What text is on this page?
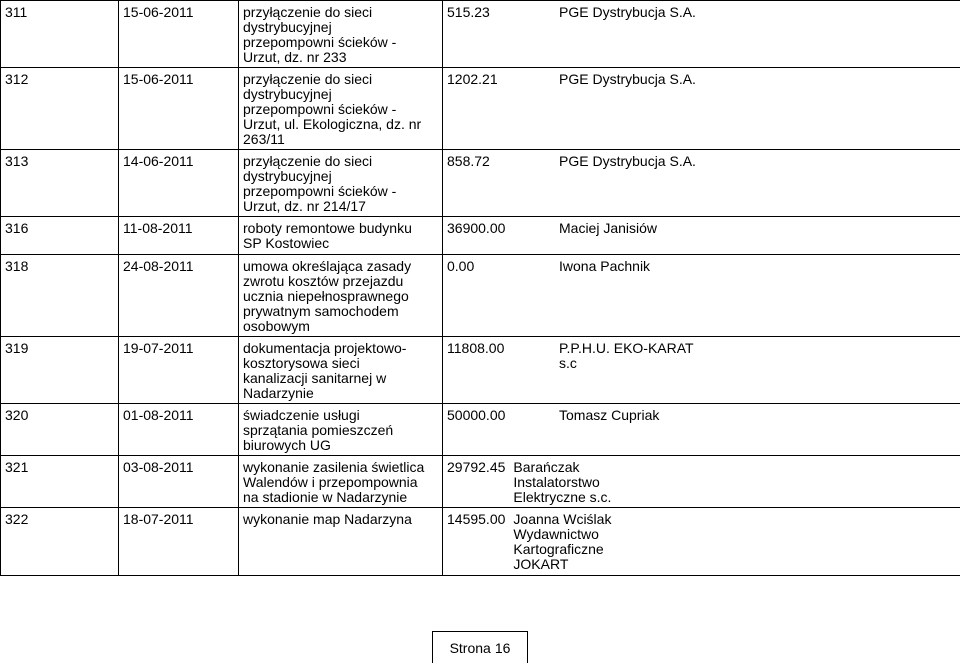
311	15-06-2011	przyłączenie do sieci
dystrybucyjnej
przepompowni ścieków -
Urzut, dz. nr 233	515.23 PGE Dystrybucja S.A.
312	15-06-2011	przyłączenie do sieci
dystrybucyjnej
przepompowni ścieków -
Urzut, ul. Ekologiczna, dz. nr
263/11	1202.21 PGE Dystrybucja S.A.
313	14-06-2011	przyłączenie do sieci
dystrybucyjnej
przepompowni ścieków -
Urzut, dz. nr 214/17	858.72 PGE Dystrybucja S.A.
316	11-08-2011	roboty remontowe budynku
SP Kostowiec	36900.00 Maciej Janisiów
318	24-08-2011	umowa określająca zasady
zwrotu kosztów przejazdu
ucznia niepełnosprawnego
prywatnym samochodem
osobowym	0.00 Iwona Pachnik
319	19-07-2011	dokumentacja projektowo-
kosztorysowa sieci
kanalizacji sanitarnej w
Nadarzynie	11808.00 P.P.H.U. EKO-KARAT
s.c
320	01-08-2011	świadczenie usługi
sprzątania pomieszczeń
biurowych UG	50000.00 Tomasz Cupriak
321	03-08-2011	wykonanie zasilenia świetlica
Walendów i przepompownia
na stadionie w Nadarzynie	29792.45 Barańczak
Instalatorstwo
Elektryczne s.c.
322	18-07-2011	wykonanie map Nadarzyna	14595.00 Joanna Wciślak
Wydawnictwo
Kartograficzne
JOKART
Strona 16
